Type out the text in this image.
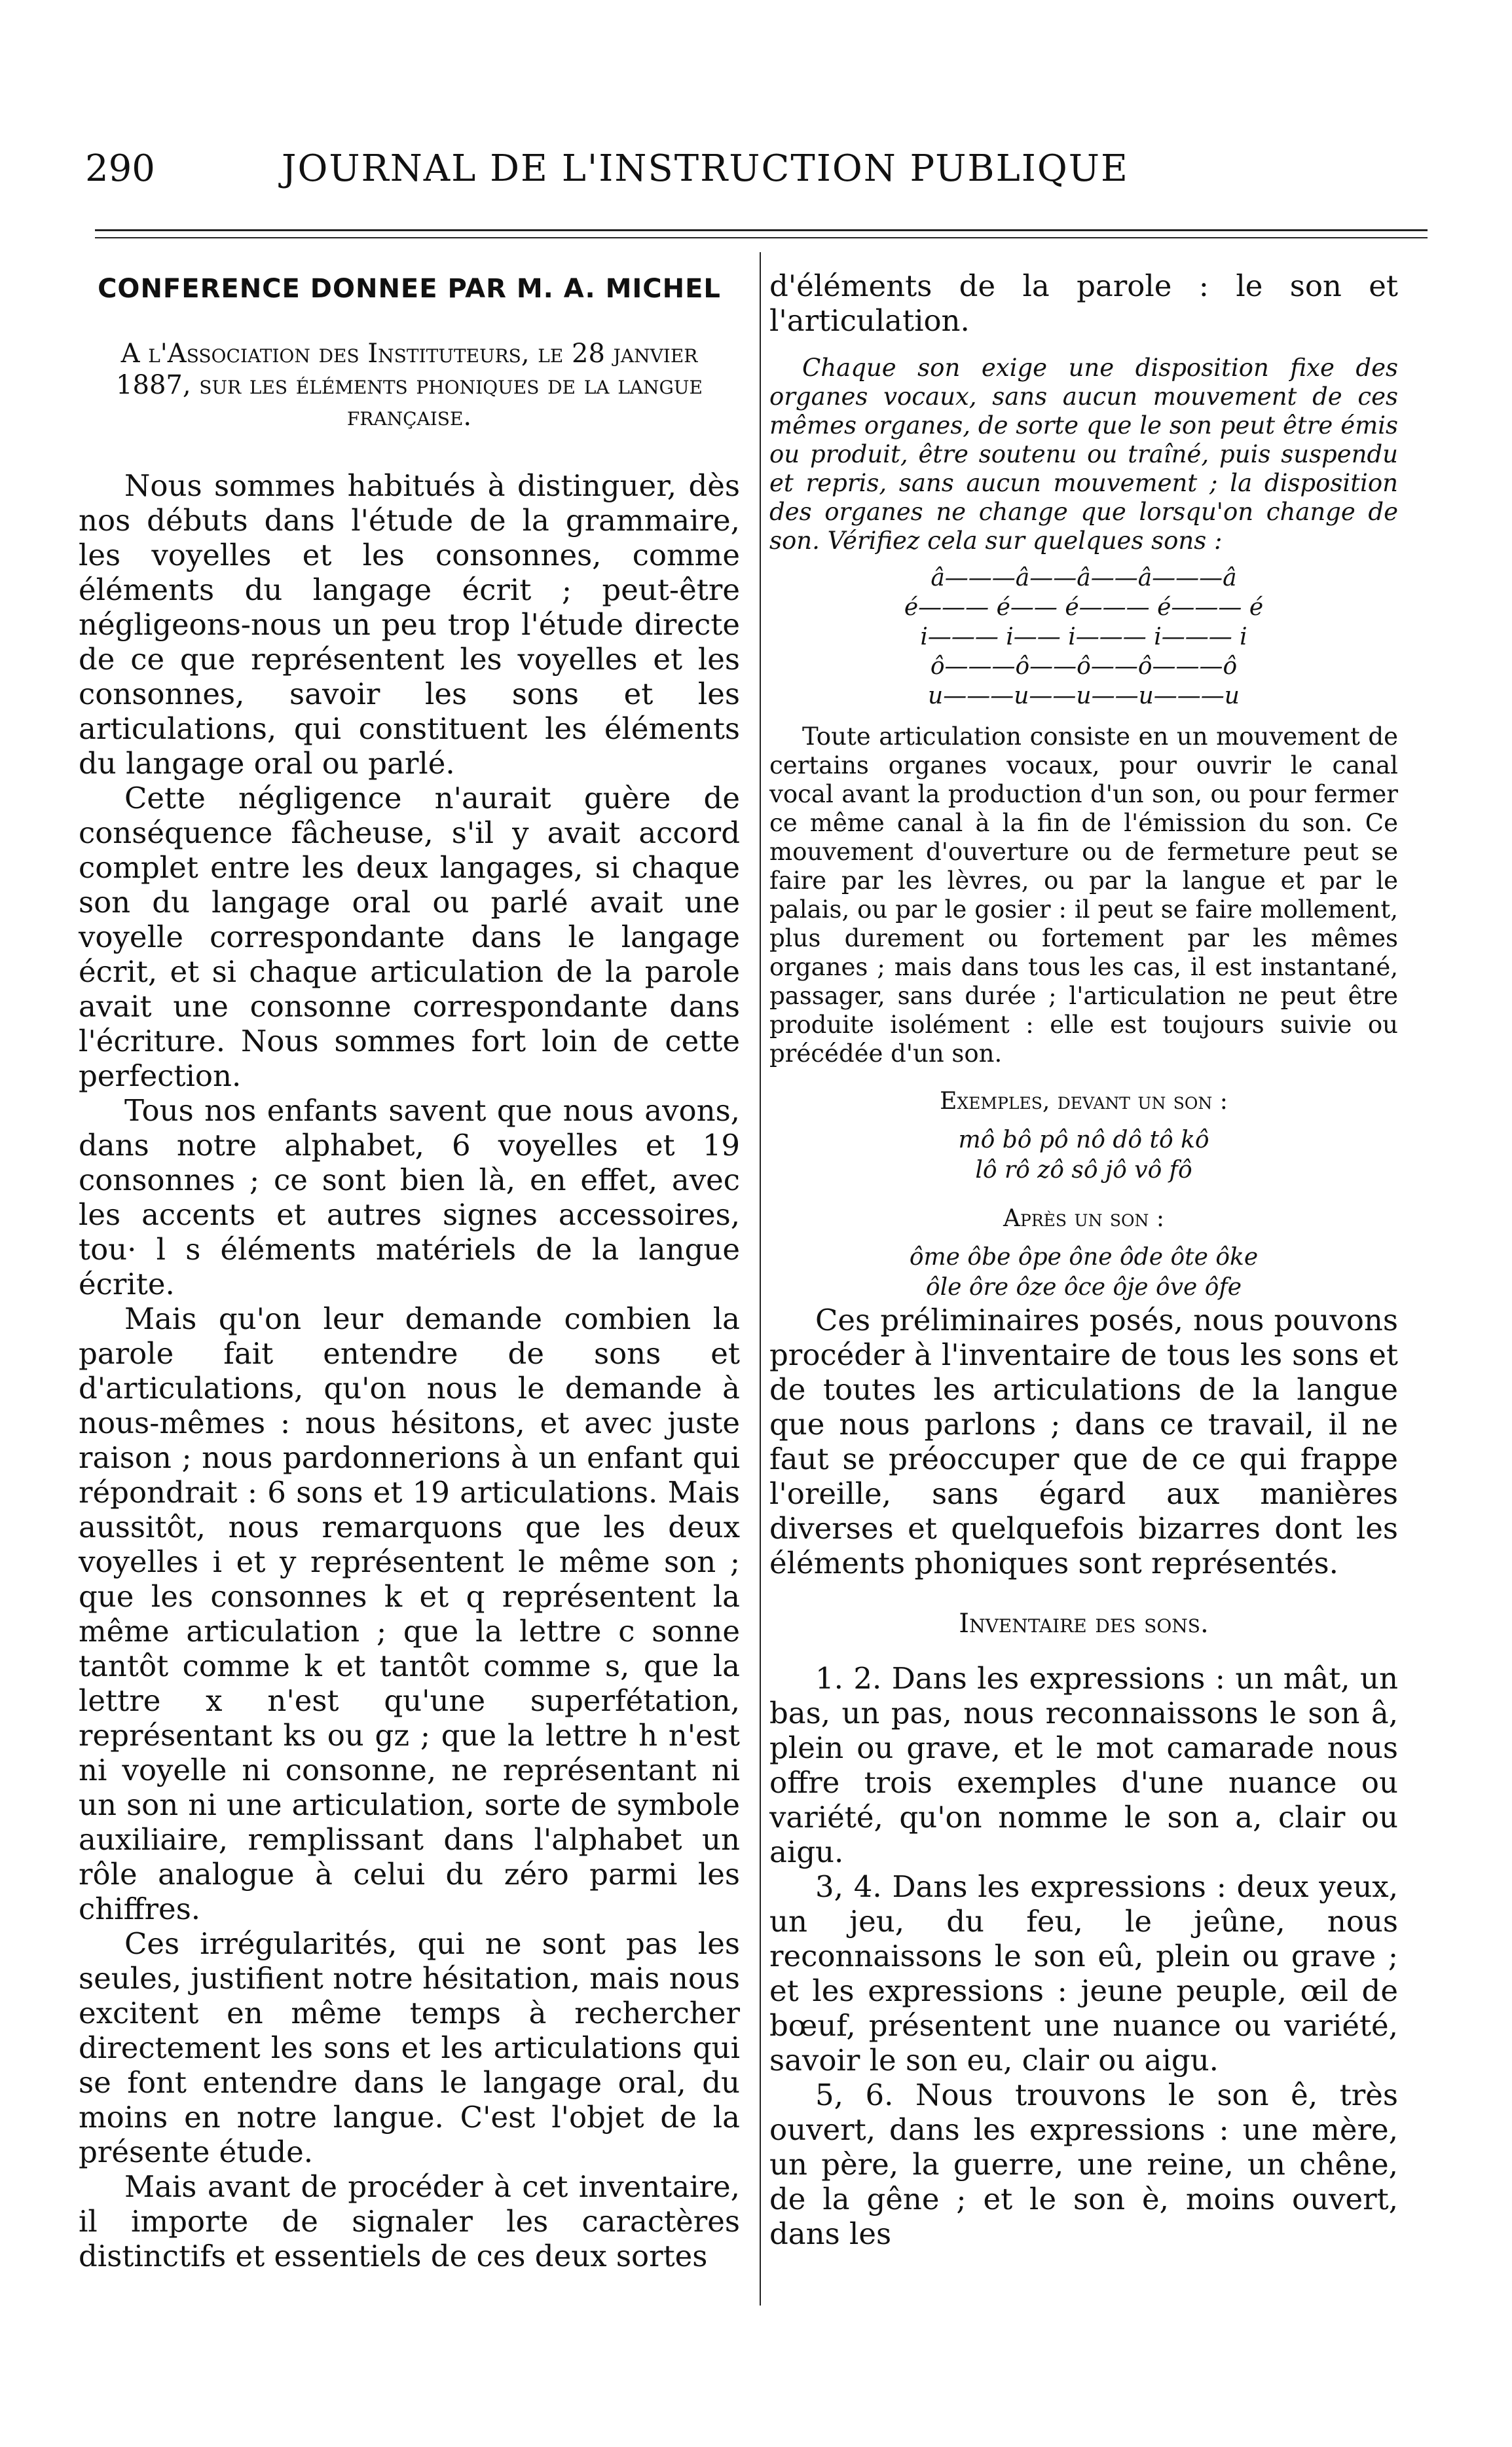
290	JOURNAL DE L'INSTRUCTION PUBLIQUE
CONFERENCE DONNEE PAR M. A. MICHEL
A l'Association des Instituteurs, le 28 janvier 1887, sur les éléments phoniques de la langue française.

Nous sommes habitués à distinguer, dès nos débuts dans l'étude de la grammaire, les voyelles et les consonnes, comme éléments du langage écrit ; peut-être négligeons-nous un peu trop l'étude directe de ce que représentent les voyelles et les consonnes, savoir les sons et les articulations, qui constituent les éléments du langage oral ou parlé.

Cette négligence n'aurait guère de conséquence fâcheuse, s'il y avait accord complet entre les deux langages, si chaque son du langage oral ou parlé avait une voyelle correspondante dans le langage écrit, et si chaque articulation de la parole avait une consonne correspondante dans l'écriture. Nous sommes fort loin de cette perfection.

Tous nos enfants savent que nous avons, dans notre alphabet, 6 voyelles et 19 consonnes ; ce sont bien là, en effet, avec les accents et autres signes accessoires, tou· l s éléments matériels de la langue écrite.

Mais qu'on leur demande combien la parole fait entendre de sons et d'articulations, qu'on nous le demande à nous-mêmes : nous hésitons, et avec juste raison ; nous pardonnerions à un enfant qui répondrait : 6 sons et 19 articulations. Mais aussitôt, nous remarquons que les deux voyelles i et y représentent le même son ; que les consonnes k et q représentent la même articulation ; que la lettre c sonne tantôt comme k et tantôt comme s, que la lettre x n'est qu'une superfétation, représentant ks ou gz ; que la lettre h n'est ni voyelle ni consonne, ne représentant ni un son ni une articulation, sorte de symbole auxiliaire, remplissant dans l'alphabet un rôle analogue à celui du zéro parmi les chiffres.

Ces irrégularités, qui ne sont pas les seules, justifient notre hésitation, mais nous excitent en même temps à rechercher directement les sons et les articulations qui se font entendre dans le langage oral, du moins en notre langue. C'est l'objet de la présente étude.

Mais avant de procéder à cet inventaire, il importe de signaler les caractères distinctifs et essentiels de ces deux sortes

d'éléments de la parole : le son et l'articulation.

Chaque son exige une disposition fixe des organes vocaux, sans aucun mouvement de ces mêmes organes, de sorte que le son peut être émis ou produit, être soutenu ou traîné, puis suspendu et repris, sans aucun mouvement ; la disposition des organes ne change que lorsqu'on change de son. Vérifiez cela sur quelques sons :

â———â——â——â———â
é——— é—— é——— é——— é
i——— i—— i——— i——— i
ô———ô——ô——ô———ô
u———u——u——u———u

Toute articulation consiste en un mouvement de certains organes vocaux, pour ouvrir le canal vocal avant la production d'un son, ou pour fermer ce même canal à la fin de l'émission du son. Ce mouvement d'ouverture ou de fermeture peut se faire par les lèvres, ou par la langue et par le palais, ou par le gosier : il peut se faire mollement, plus durement ou fortement par les mêmes organes ; mais dans tous les cas, il est instantané, passager, sans durée ; l'articulation ne peut être produite isolément : elle est toujours suivie ou précédée d'un son.

Exemples, devant un son :
mô bô pô nô dô tô kô
lô rô zô sô jô vô fô
Après un son :
ôme ôbe ôpe ône ôde ôte ôke
ôle ôre ôze ôce ôje ôve ôfe

Ces préliminaires posés, nous pouvons procéder à l'inventaire de tous les sons et de toutes les articulations de la langue que nous parlons ; dans ce travail, il ne faut se préoccuper que de ce qui frappe l'oreille, sans égard aux manières diverses et quelquefois bizarres dont les éléments phoniques sont représentés.

Inventaire des sons.

1. 2. Dans les expressions : un mât, un bas, un pas, nous reconnaissons le son â, plein ou grave, et le mot camarade nous offre trois exemples d'une nuance ou variété, qu'on nomme le son a, clair ou aigu.

3, 4. Dans les expressions : deux yeux, un jeu, du feu, le jeûne, nous reconnaissons le son eû, plein ou grave ; et les expressions : jeune peuple, œil de bœuf, présentent une nuance ou variété, savoir le son eu, clair ou aigu.

5, 6. Nous trouvons le son ê, très ouvert, dans les expressions : une mère, un père, la guerre, une reine, un chêne, de la gêne ; et le son è, moins ouvert, dans les
